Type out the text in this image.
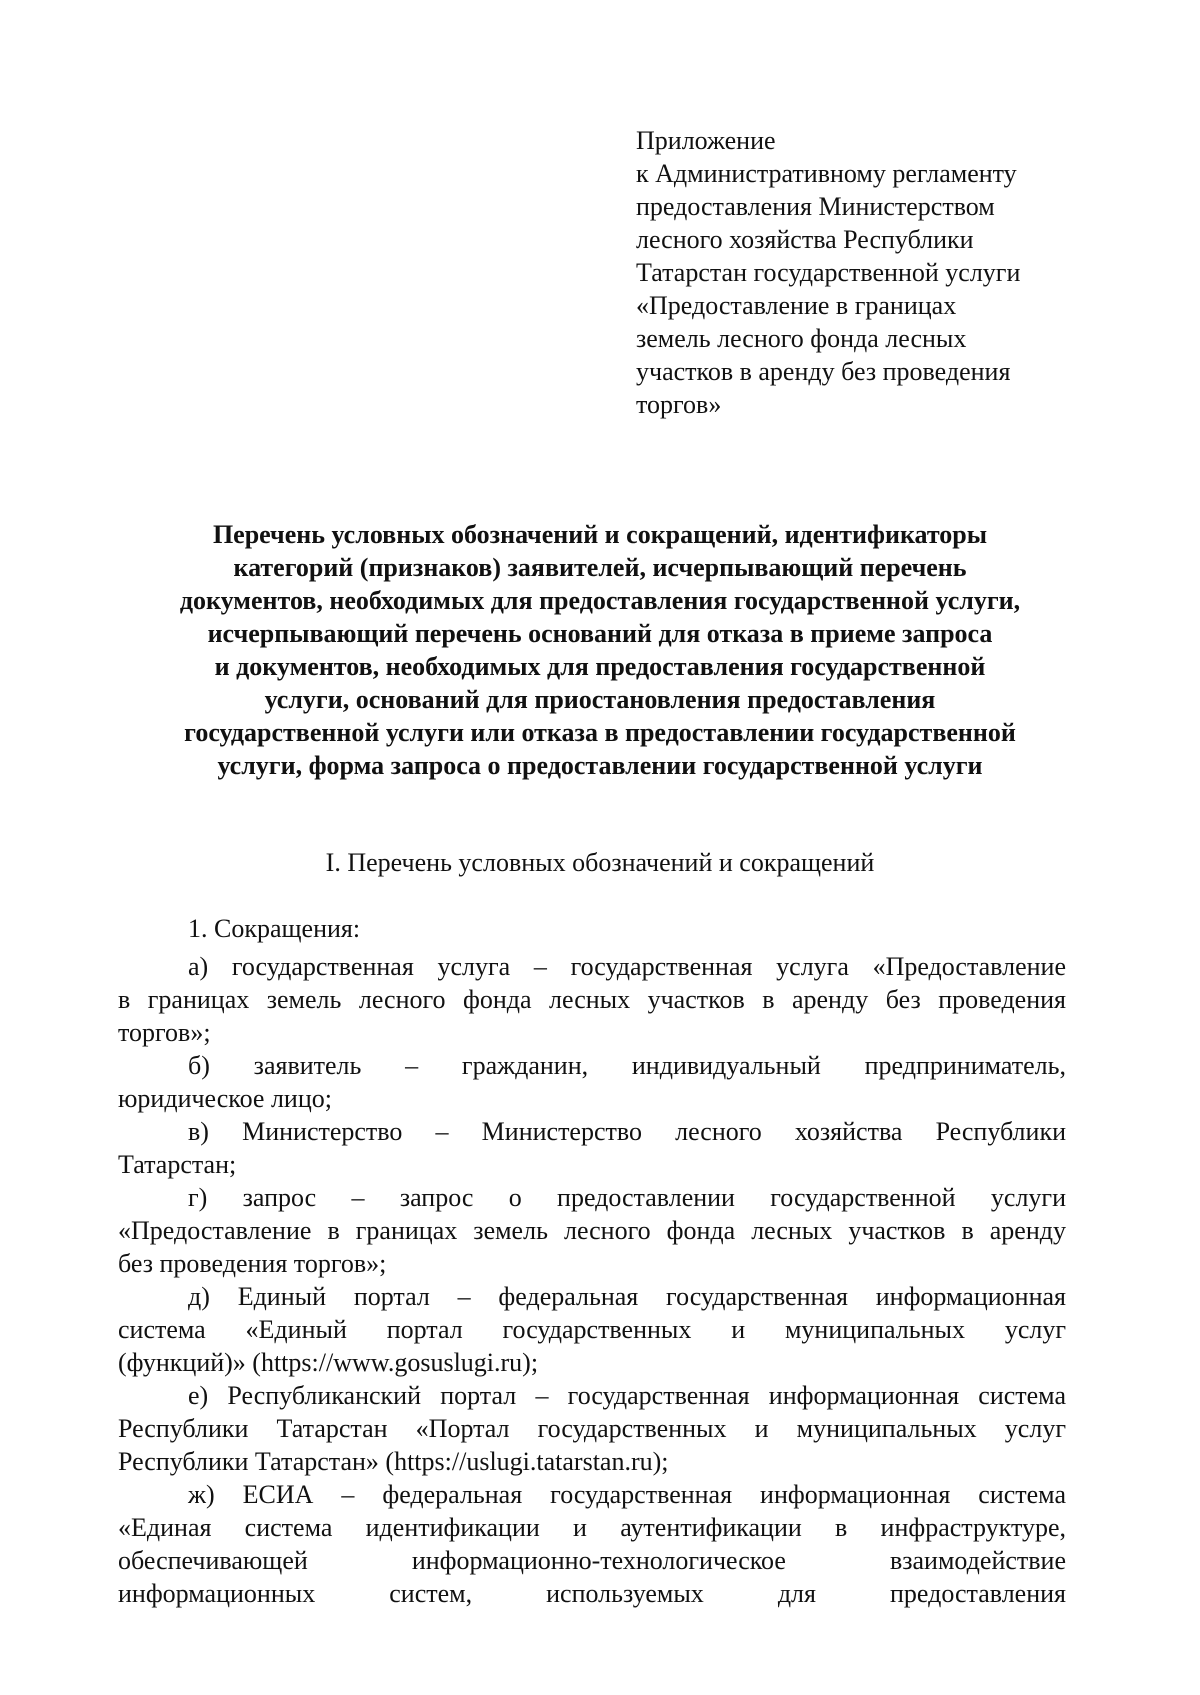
Приложение
к Административному регламенту
предоставления Министерством
лесного хозяйства Республики
Татарстан государственной услуги
«Предоставление в границах
земель лесного фонда лесных
участков в аренду без проведения
торгов»
Перечень условных обозначений и сокращений, идентификаторы
категорий (признаков) заявителей, исчерпывающий перечень
документов, необходимых для предоставления государственной услуги,
исчерпывающий перечень оснований для отказа в приеме запроса
и документов, необходимых для предоставления государственной
услуги, оснований для приостановления предоставления
государственной услуги или отказа в предоставлении государственной
услуги, форма запроса о предоставлении государственной услуги
I. Перечень условных обозначений и сокращений
1. Сокращения:
а) государственная услуга – государственная услуга «Предоставление
в границах земель лесного фонда лесных участков в аренду без проведения
торгов»;
б) заявитель – гражданин, индивидуальный предприниматель,
юридическое лицо;
в) Министерство – Министерство лесного хозяйства Республики
Татарстан;
г) запрос – запрос о предоставлении государственной услуги
«Предоставление в границах земель лесного фонда лесных участков в аренду
без проведения торгов»;
д) Единый портал – федеральная государственная информационная
система «Единый портал государственных и муниципальных услуг
(функций)» (https://www.gosuslugi.ru);
е) Республиканский портал – государственная информационная система
Республики Татарстан «Портал государственных и муниципальных услуг
Республики Татарстан» (https://uslugi.tatarstan.ru);
ж) ЕСИА – федеральная государственная информационная система
«Единая система идентификации и аутентификации в инфраструктуре,
обеспечивающей информационно-технологическое взаимодействие
информационных систем, используемых для предоставления
